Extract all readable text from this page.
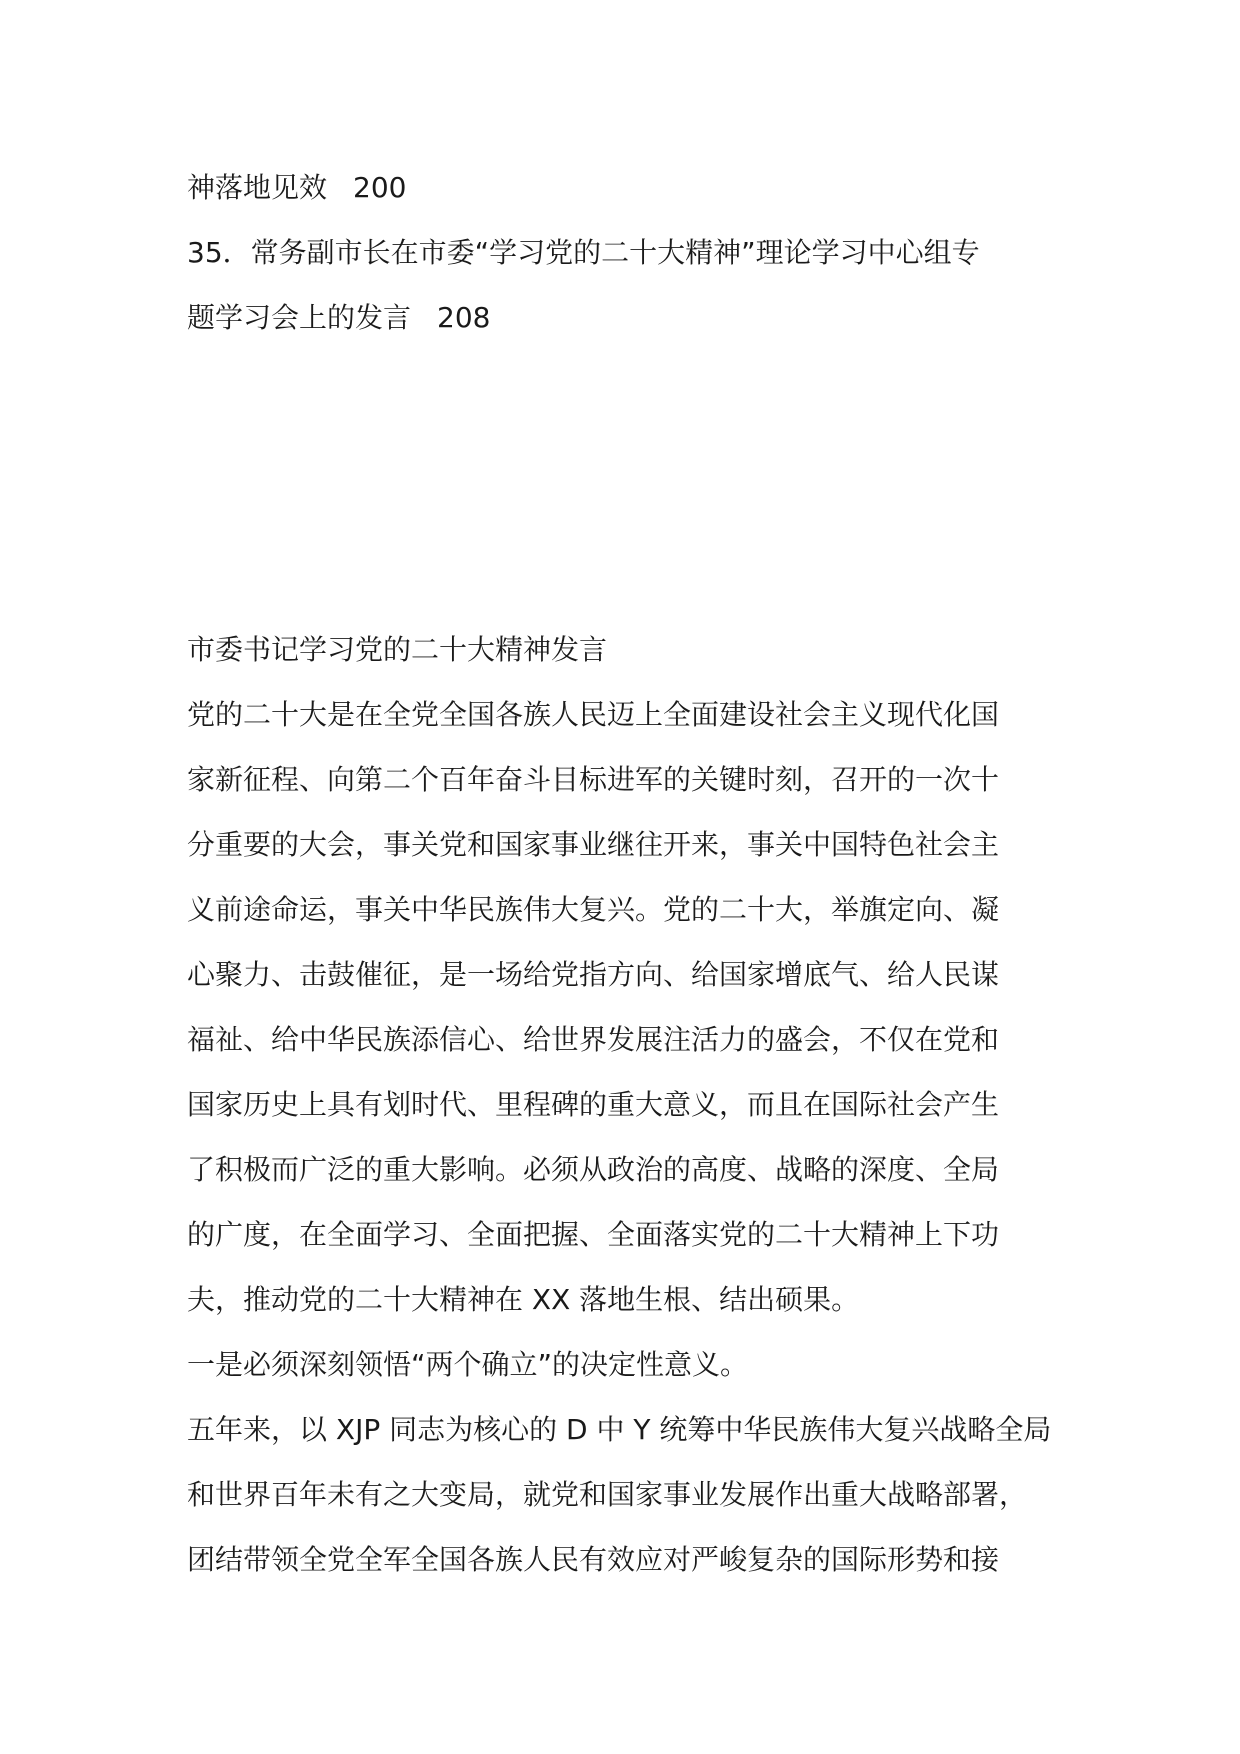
神落地见效 200
35．常务副市长在市委“学习党的二十大精神”理论学习中心组专
题学习会上的发言 208
市委书记学习党的二十大精神发言
党的二十大是在全党全国各族人民迈上全面建设社会主义现代化国
家新征程、向第二个百年奋斗目标进军的关键时刻，召开的一次十
分重要的大会，事关党和国家事业继往开来，事关中国特色社会主
义前途命运，事关中华民族伟大复兴。党的二十大，举旗定向、凝
心聚力、击鼓催征，是一场给党指方向、给国家增底气、给人民谋
福祉、给中华民族添信心、给世界发展注活力的盛会，不仅在党和
国家历史上具有划时代、里程碑的重大意义，而且在国际社会产生
了积极而广泛的重大影响。必须从政治的高度、战略的深度、全局
的广度，在全面学习、全面把握、全面落实党的二十大精神上下功
夫，推动党的二十大精神在 XX 落地生根、结出硕果。
一是必须深刻领悟“两个确立”的决定性意义。
五年来，以 XJP 同志为核心的 D 中 Y 统筹中华民族伟大复兴战略全局
和世界百年未有之大变局，就党和国家事业发展作出重大战略部署，
团结带领全党全军全国各族人民有效应对严峻复杂的国际形势和接
